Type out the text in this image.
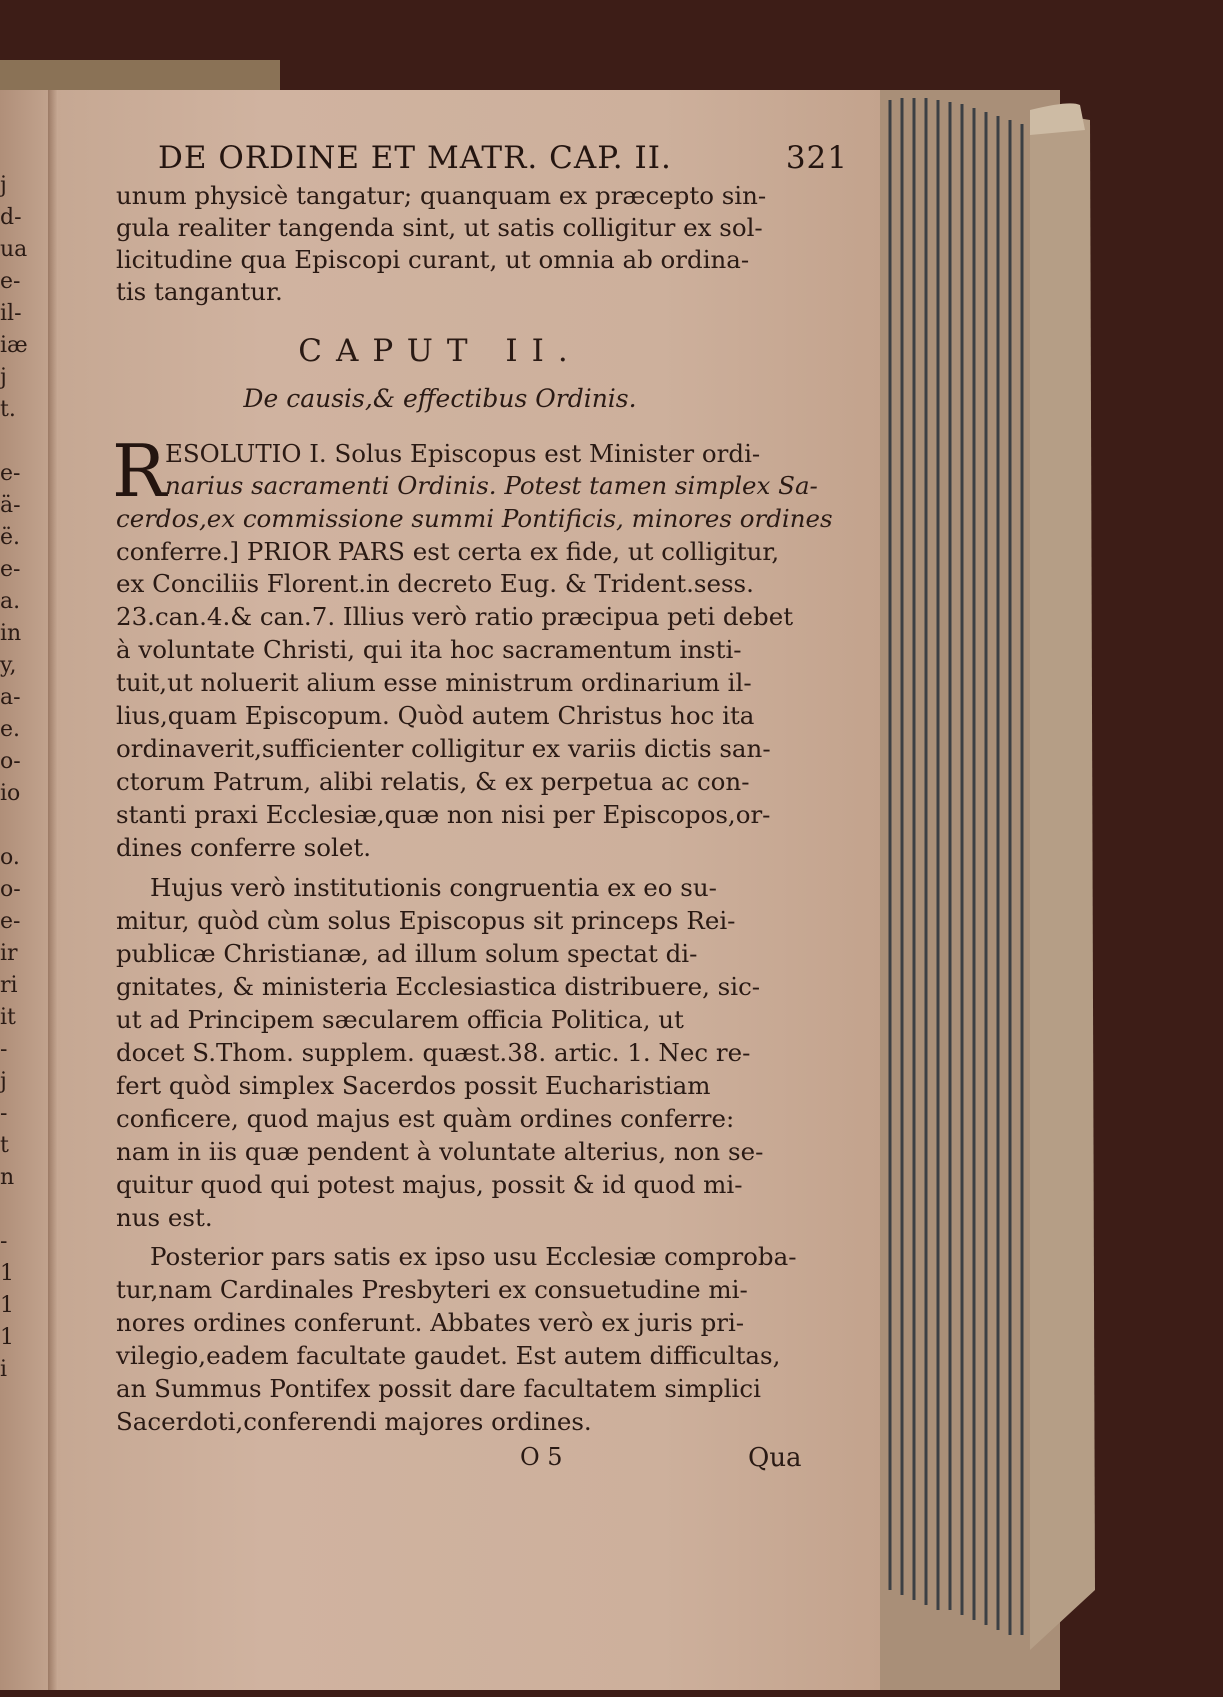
j
d-
ua
e-
il-
iæ
j
t.
e-
ä-
ë.
e-
a.
in
y,
a-
e.
o-
io
o.
o-
e-
ir
ri
it
-
j
-
t
n
-
1
1
1
i
DE ORDINE ET MATR. CAP. II.	321
unum physicè tangatur; quanquam ex præcepto sin-
gula realiter tangenda sint, ut satis colligitur ex sol-
licitudine qua Episcopi curant, ut omnia ab ordina-
tis tangantur.
CAPUT II.
De causis,& effectibus Ordinis.
R
ESOLUTIO I. Solus Episcopus est Minister ordi-
narius sacramenti Ordinis. Potest tamen simplex Sa-
cerdos,ex commissione summi Pontificis, minores ordines
conferre.] PRIOR PARS est certa ex fide, ut colligitur,
ex Conciliis Florent.in decreto Eug. & Trident.sess.
23.can.4.& can.7. Illius verò ratio præcipua peti debet
à voluntate Christi, qui ita hoc sacramentum insti-
tuit,ut noluerit alium esse ministrum ordinarium il-
lius,quam Episcopum. Quòd autem Christus hoc ita
ordinaverit,sufficienter colligitur ex variis dictis san-
ctorum Patrum, alibi relatis, & ex perpetua ac con-
stanti praxi Ecclesiæ,quæ non nisi per Episcopos,or-
dines conferre solet.
Hujus verò institutionis congruentia ex eo su-
mitur, quòd cùm solus Episcopus sit princeps Rei-
publicæ Christianæ, ad illum solum spectat di-
gnitates, & ministeria Ecclesiastica distribuere, sic-
ut ad Principem sæcularem officia Politica, ut
docet S.Thom. supplem. quæst.38. artic. 1. Nec re-
fert quòd simplex Sacerdos possit Eucharistiam
conficere, quod majus est quàm ordines conferre:
nam in iis quæ pendent à voluntate alterius, non se-
quitur quod qui potest majus, possit & id quod mi-
nus est.
Posterior pars satis ex ipso usu Ecclesiæ comproba-
tur,nam Cardinales Presbyteri ex consuetudine mi-
nores ordines conferunt. Abbates verò ex juris pri-
vilegio,eadem facultate gaudet. Est autem difficultas,
an Summus Pontifex possit dare facultatem simplici
Sacerdoti,conferendi majores ordines.
O 5	Qua
